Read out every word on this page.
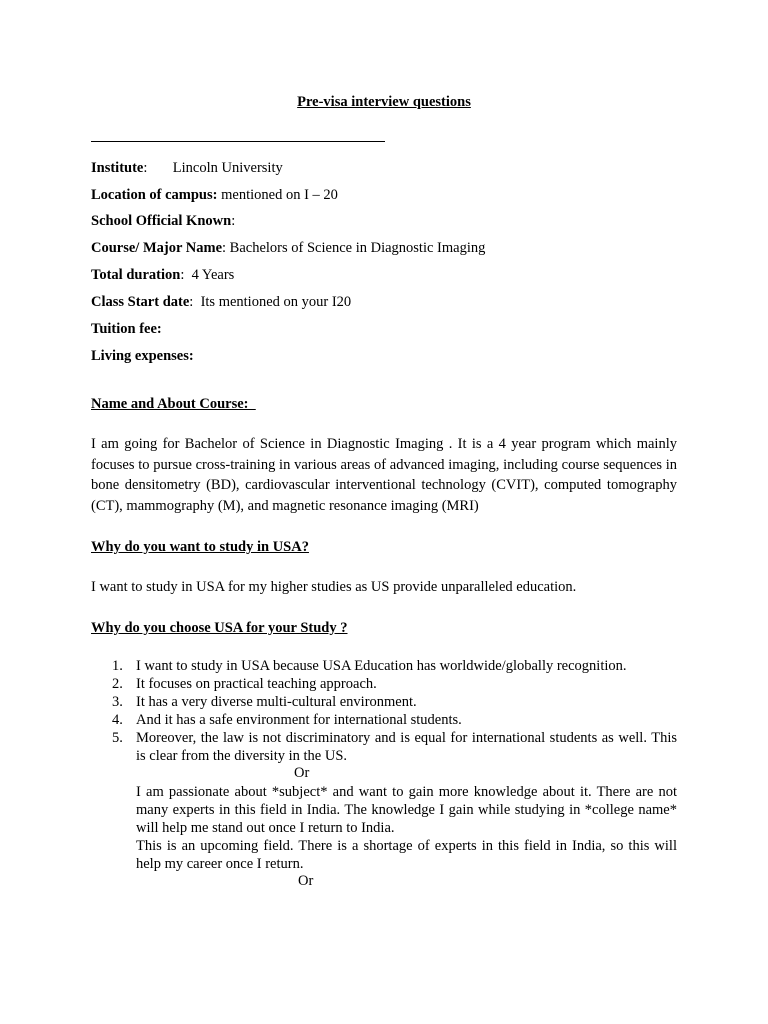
Pre-visa interview questions
Institute:       Lincoln University
Location of campus: mentioned on I – 20
School Official Known:
Course/ Major Name: Bachelors of Science in Diagnostic Imaging
Total duration:  4 Years
Class Start date:  Its mentioned on your I20
Tuition fee:
Living expenses:
Name and About Course:
I am going for Bachelor of Science in Diagnostic Imaging . It is a 4 year program which mainly focuses to pursue cross-training in various areas of advanced imaging, including course sequences in bone densitometry (BD), cardiovascular interventional technology (CVIT), computed tomography (CT), mammography (M), and magnetic resonance imaging (MRI)
Why do you want to study in USA?
I want to study in USA for my higher studies as US provide unparalleled education.
Why do you choose USA for your Study ?
1. I want to study in USA because USA Education has worldwide/globally recognition.
2. It focuses on practical teaching approach.
3. It has a very diverse multi-cultural environment.
4. And it has a safe environment for international students.
5. Moreover, the law is not discriminatory and is equal for international students as well. This is clear from the diversity in the US.
Or
I am passionate about *subject* and want to gain more knowledge about it. There are not many experts in this field in India. The knowledge I gain while studying in *college name* will help me stand out once I return to India.
This is an upcoming field. There is a shortage of experts in this field in India, so this will help my career once I return.
Or
